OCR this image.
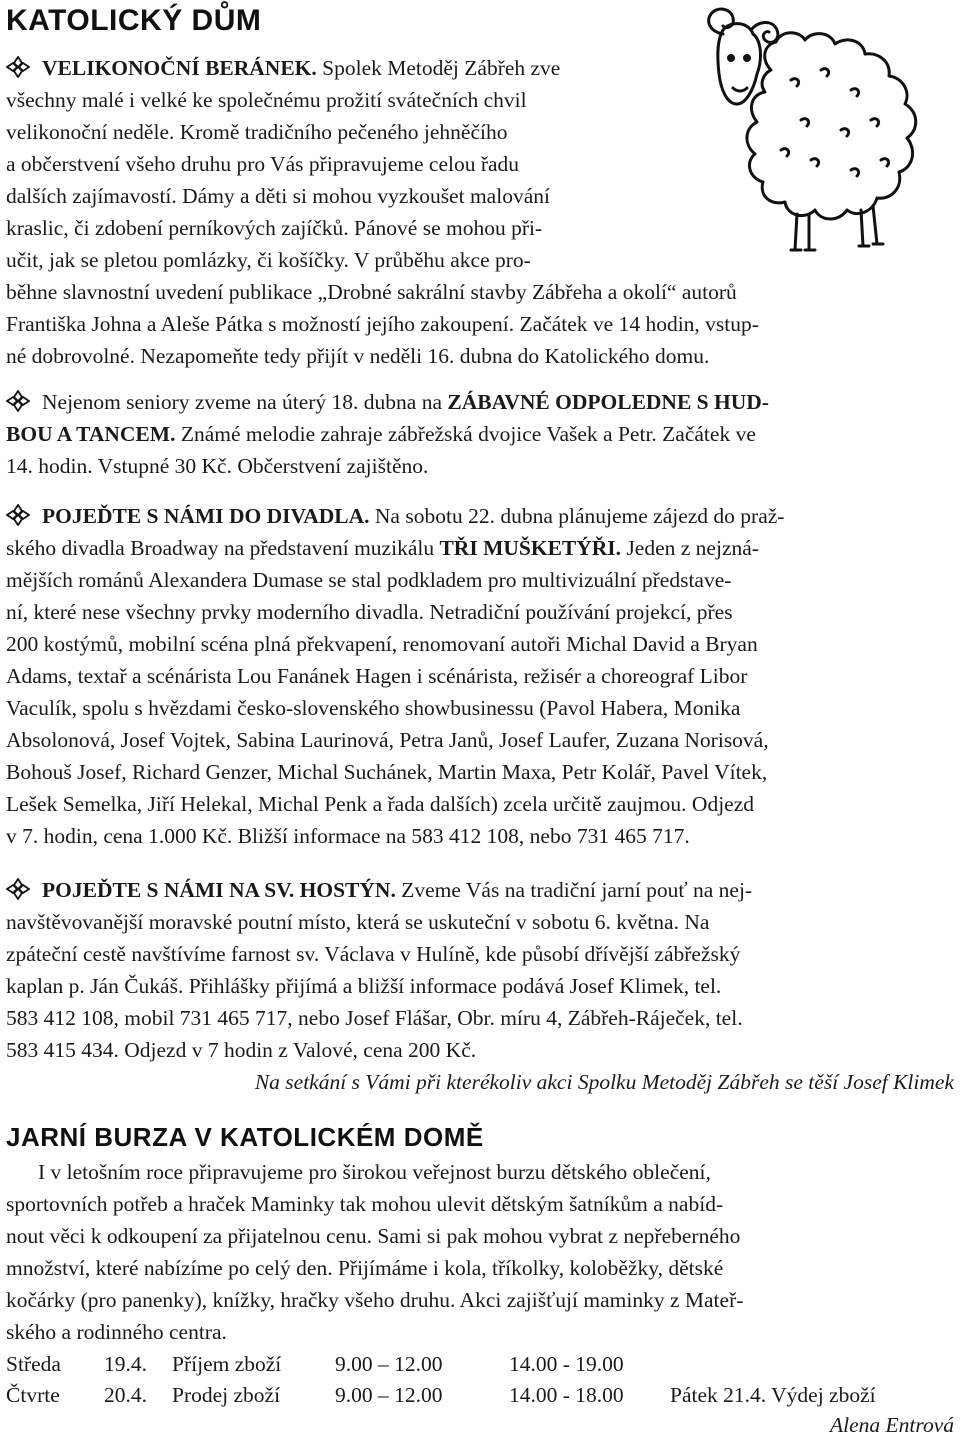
KATOLICKÝ DŮM
VELIKONOČNÍ BERÁNEK. Spolek Metoděj Zábřeh zve
všechny malé i velké ke společnému prožití svátečních chvil
velikonoční neděle. Kromě tradičního pečeného jehněčího
a občerstvení všeho druhu pro Vás připravujeme celou řadu
dalších zajímavostí. Dámy a děti si mohou vyzkoušet malování
kraslic, či zdobení perníkových zajíčků. Pánové se mohou při-
učit, jak se pletou pomlázky, či košíčky. V průběhu akce pro-
běhne slavnostní uvedení publikace „Drobné sakrální stavby Zábřeha a okolí“ autorů
Františka Johna a Aleše Pátka s možností jejího zakoupení. Začátek ve 14 hodin, vstup-
né dobrovolné. Nezapomeňte tedy přijít v neděli 16. dubna do Katolického domu.
Nejenom seniory zveme na úterý 18. dubna na ZÁBAVNÉ ODPOLEDNE S HUD-
BOU A TANCEM. Známé melodie zahraje zábřežská dvojice Vašek a Petr. Začátek ve
14. hodin. Vstupné 30 Kč. Občerstvení zajištěno.
POJEĎTE S NÁMI DO DIVADLA. Na sobotu 22. dubna plánujeme zájezd do praž-
ského divadla Broadway na představení muzikálu TŘI MUŠKETÝŘI. Jeden z nejzná-
mějších románů Alexandera Dumase se stal podkladem pro multivizuální představe-
ní, které nese všechny prvky moderního divadla. Netradiční používání projekcí, přes
200 kostýmů, mobilní scéna plná překvapení, renomovaní autoři Michal David a Bryan
Adams, textař a scénárista Lou Fanánek Hagen i scénárista, režisér a choreograf Libor
Vaculík, spolu s hvězdami česko-slovenského showbusinessu (Pavol Habera, Monika
Absolonová, Josef Vojtek, Sabina Laurinová, Petra Janů, Josef Laufer, Zuzana Norisová,
Bohouš Josef, Richard Genzer, Michal Suchánek, Martin Maxa, Petr Kolář, Pavel Vítek,
Lešek Semelka, Jiří Helekal, Michal Penk a řada dalších) zcela určitě zaujmou. Odjezd
v 7. hodin, cena 1.000 Kč. Bližší informace na 583 412 108, nebo 731 465 717.
POJEĎTE S NÁMI NA SV. HOSTÝN. Zveme Vás na tradiční jarní pouť na nej-
navštěvovanější moravské poutní místo, která se uskuteční v sobotu 6. května. Na
zpáteční cestě navštívíme farnost sv. Václava v Hulíně, kde působí dřívější zábřežský
kaplan p. Ján Čukáš. Přihlášky přijímá a bližší informace podává Josef Klimek, tel.
583 412 108, mobil 731 465 717, nebo Josef Flášar, Obr. míru 4, Zábřeh-Ráječek, tel.
583 415 434. Odjezd v 7 hodin z Valové, cena 200 Kč.
Na setkání s Vámi při kterékoliv akci Spolku Metoděj Zábřeh se těší Josef Klimek
JARNÍ BURZA V KATOLICKÉM DOMĚ
I v letošním roce připravujeme pro širokou veřejnost burzu dětského oblečení,
sportovních potřeb a hraček Maminky tak mohou ulevit dětským šatníkům a nabíd-
nout věci k odkoupení za přijatelnou cenu. Sami si pak mohou vybrat z nepřeberného
množství, které nabízíme po celý den. Přijímáme i kola, tříkolky, koloběžky, dětské
kočárky (pro panenky), knížky, hračky všeho druhu. Akci zajišťují maminky z Mateř-
ského a rodinného centra.
Středa 19.4. Příjem zboží 9.00 – 12.00	14.00 - 19.00
Čtvrte 20.4. Prodej zboží	9.00 – 12.00	14.00 - 18.00 Pátek 21.4. Výdej zboží
Alena Entrová
